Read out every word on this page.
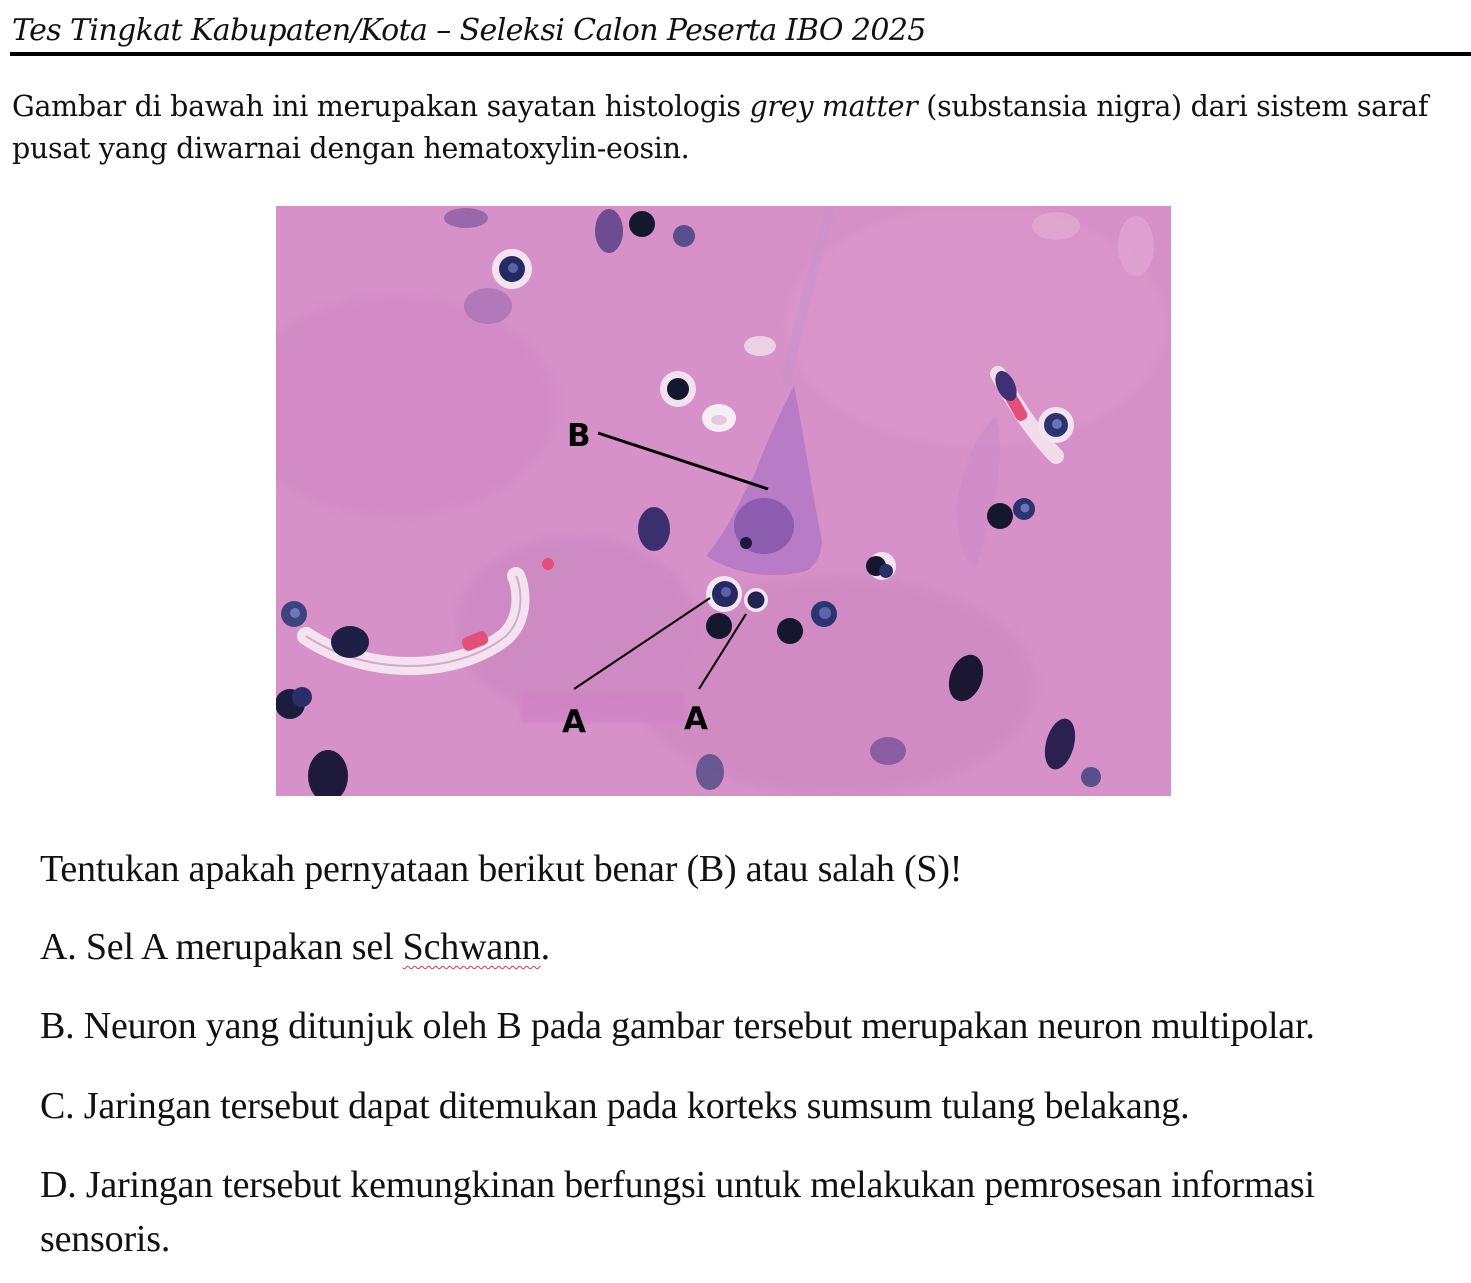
Tes Tingkat Kabupaten/Kota – Seleksi Calon Peserta IBO 2025
Gambar di bawah ini merupakan sayatan histologis grey matter (substansia nigra) dari sistem saraf pusat yang diwarnai dengan hematoxylin-eosin.
B
A	A
Tentukan apakah pernyataan berikut benar (B) atau salah (S)!
A. Sel A merupakan sel Schwann.
B. Neuron yang ditunjuk oleh B pada gambar tersebut merupakan neuron multipolar.
C. Jaringan tersebut dapat ditemukan pada korteks sumsum tulang belakang.
D. Jaringan tersebut kemungkinan berfungsi untuk melakukan pemrosesan informasi sensoris.
